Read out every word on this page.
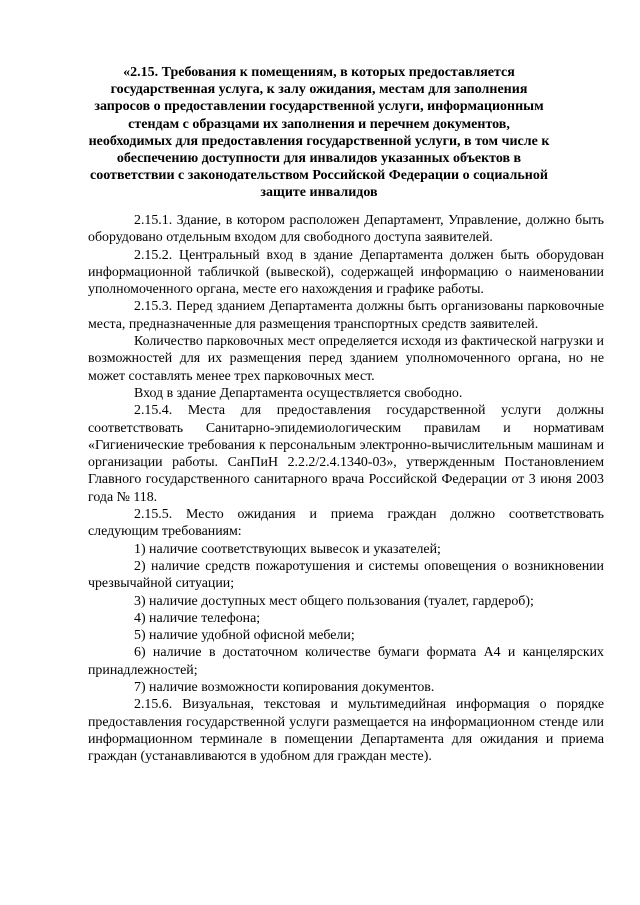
«2.15. Требования к помещениям, в которых предоставляется государственная услуга, к залу ожидания, местам для заполнения запросов о предоставлении государственной услуги, информационным стендам с образцами их заполнения и перечнем документов, необходимых для предоставления государственной услуги, в том числе к обеспечению доступности для инвалидов указанных объектов в соответствии с законодательством Российской Федерации о социальной защите инвалидов

2.15.1. Здание, в котором расположен Департамент, Управление, должно быть оборудовано отдельным входом для свободного доступа заявителей.

2.15.2. Центральный вход в здание Департамента должен быть оборудован информационной табличкой (вывеской), содержащей информацию о наименовании уполномоченного органа, месте его нахождения и графике работы.

2.15.3. Перед зданием Департамента должны быть организованы парковочные места, предназначенные для размещения транспортных средств заявителей.

Количество парковочных мест определяется исходя из фактической нагрузки и возможностей для их размещения перед зданием уполномоченного органа, но не может составлять менее трех парковочных мест.

Вход в здание Департамента осуществляется свободно.

2.15.4. Места для предоставления государственной услуги должны соответствовать Санитарно-эпидемиологическим правилам и нормативам «Гигиенические требования к персональным электронно-вычислительным машинам и организации работы. СанПиН 2.2.2/2.4.1340-03», утвержденным Постановлением Главного государственного санитарного врача Российской Федерации от 3 июня 2003 года № 118.

2.15.5. Место ожидания и приема граждан должно соответствовать следующим требованиям:

1) наличие соответствующих вывесок и указателей;

2) наличие средств пожаротушения и системы оповещения о возникновении чрезвычайной ситуации;

3) наличие доступных мест общего пользования (туалет, гардероб);

4) наличие телефона;

5) наличие удобной офисной мебели;

6) наличие в достаточном количестве бумаги формата А4 и канцелярских принадлежностей;

7) наличие возможности копирования документов.

2.15.6. Визуальная, текстовая и мультимедийная информация о порядке предоставления государственной услуги размещается на информационном стенде или информационном терминале в помещении Департамента для ожидания и приема граждан (устанавливаются в удобном для граждан месте).
